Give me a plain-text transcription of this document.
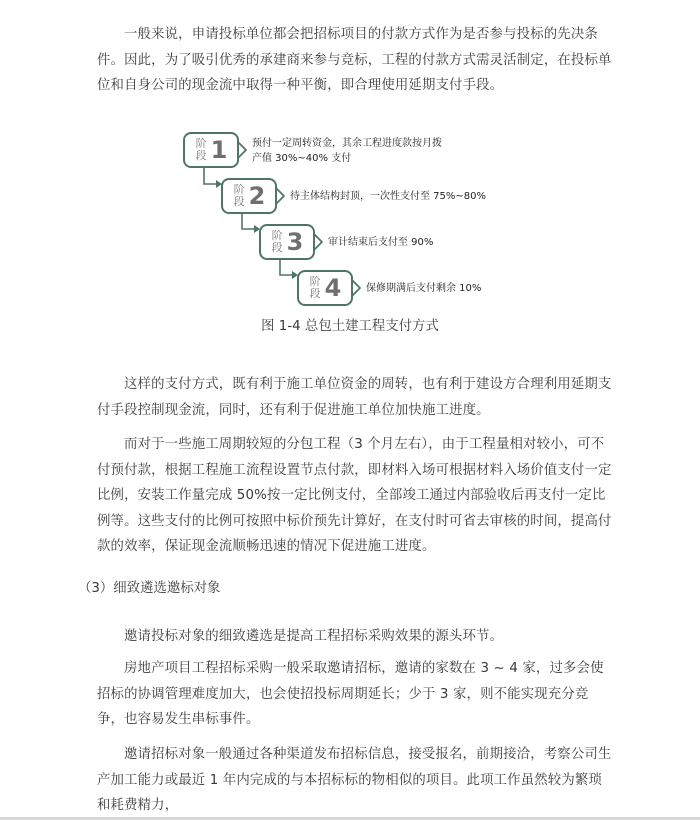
一般来说，申请投标单位都会把招标项目的付款方式作为是否参与投标的先决条件。因此，为了吸引优秀的承建商来参与竞标，工程的付款方式需灵活制定，在投标单位和自身公司的现金流中取得一种平衡，即合理使用延期支付手段。

阶段 1 预付一定周转资金，其余工程进度款按月拨产值 30%~40% 支付
阶段 2 待主体结构封顶，一次性支付至 75%~80%
阶段 3 审计结束后支付至 90%
阶段 4 保修期满后支付剩余 10%
图 1-4 总包土建工程支付方式

这样的支付方式，既有利于施工单位资金的周转，也有利于建设方合理利用延期支付手段控制现金流，同时，还有利于促进施工单位加快施工进度。

而对于一些施工周期较短的分包工程（3 个月左右），由于工程量相对较小，可不付预付款，根据工程施工流程设置节点付款，即材料入场可根据材料入场价值支付一定比例，安装工作量完成 50%按一定比例支付，全部竣工通过内部验收后再支付一定比例等。这些支付的比例可按照中标价预先计算好，在支付时可省去审核的时间，提高付款的效率，保证现金流顺畅迅速的情况下促进施工进度。

（3）细致遴选邀标对象

邀请投标对象的细致遴选是提高工程招标采购效果的源头环节。

房地产项目工程招标采购一般采取邀请招标，邀请的家数在 3 ~ 4 家，过多会使招标的协调管理难度加大，也会使招投标周期延长；少于 3 家，则不能实现充分竞争，也容易发生串标事件。

邀请招标对象一般通过各种渠道发布招标信息，接受报名，前期接洽，考察公司生产加工能力或最近 1 年内完成的与本招标标的物相似的项目。此项工作虽然较为繁琐和耗费精力，
